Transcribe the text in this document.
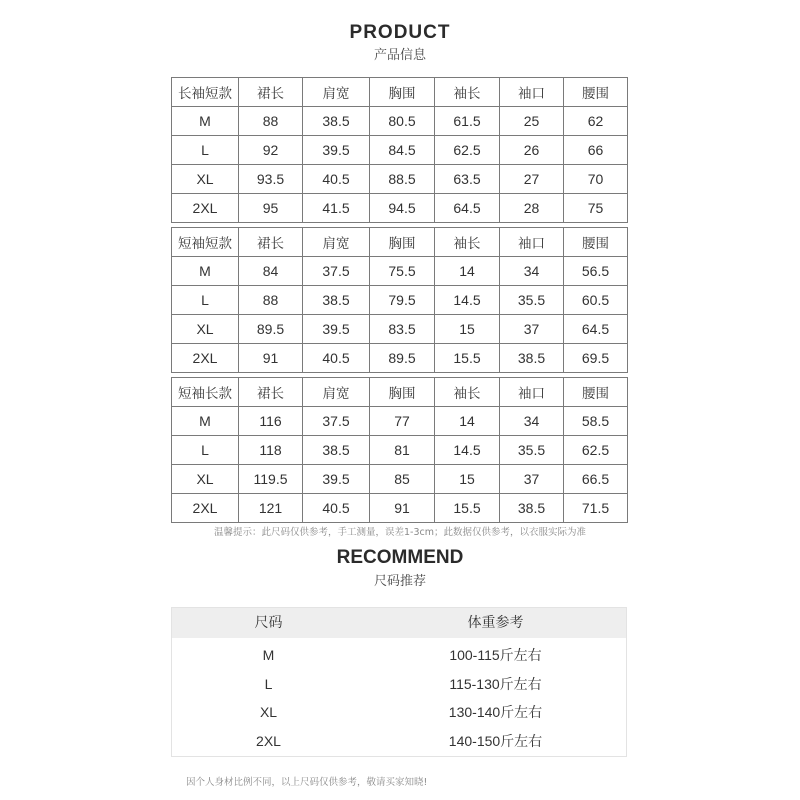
PRODUCT
产品信息
长袖短款	裙长	肩宽	胸围	袖长	袖口	腰围
M	88	38.5	80.5	61.5	25	62
L	92	39.5	84.5	62.5	26	66
XL	93.5	40.5	88.5	63.5	27	70
2XL	95	41.5	94.5	64.5	28	75
短袖短款	裙长	肩宽	胸围	袖长	袖口	腰围
M	84	37.5	75.5	14	34	56.5
L	88	38.5	79.5	14.5	35.5	60.5
XL	89.5	39.5	83.5	15	37	64.5
2XL	91	40.5	89.5	15.5	38.5	69.5
短袖长款	裙长	肩宽	胸围	袖长	袖口	腰围
M	116	37.5	77	14	34	58.5
L	118	38.5	81	14.5	35.5	62.5
XL	119.5	39.5	85	15	37	66.5
2XL	121	40.5	91	15.5	38.5	71.5
温馨提示：此尺码仅供参考，手工测量，误差1-3cm；此数据仅供参考，以衣服实际为准
RECOMMEND
尺码推荐
尺码	体重参考
M	100-115斤左右
L	115-130斤左右
XL	130-140斤左右
2XL	140-150斤左右
因个人身材比例不同，以上尺码仅供参考，敬请买家知晓!
